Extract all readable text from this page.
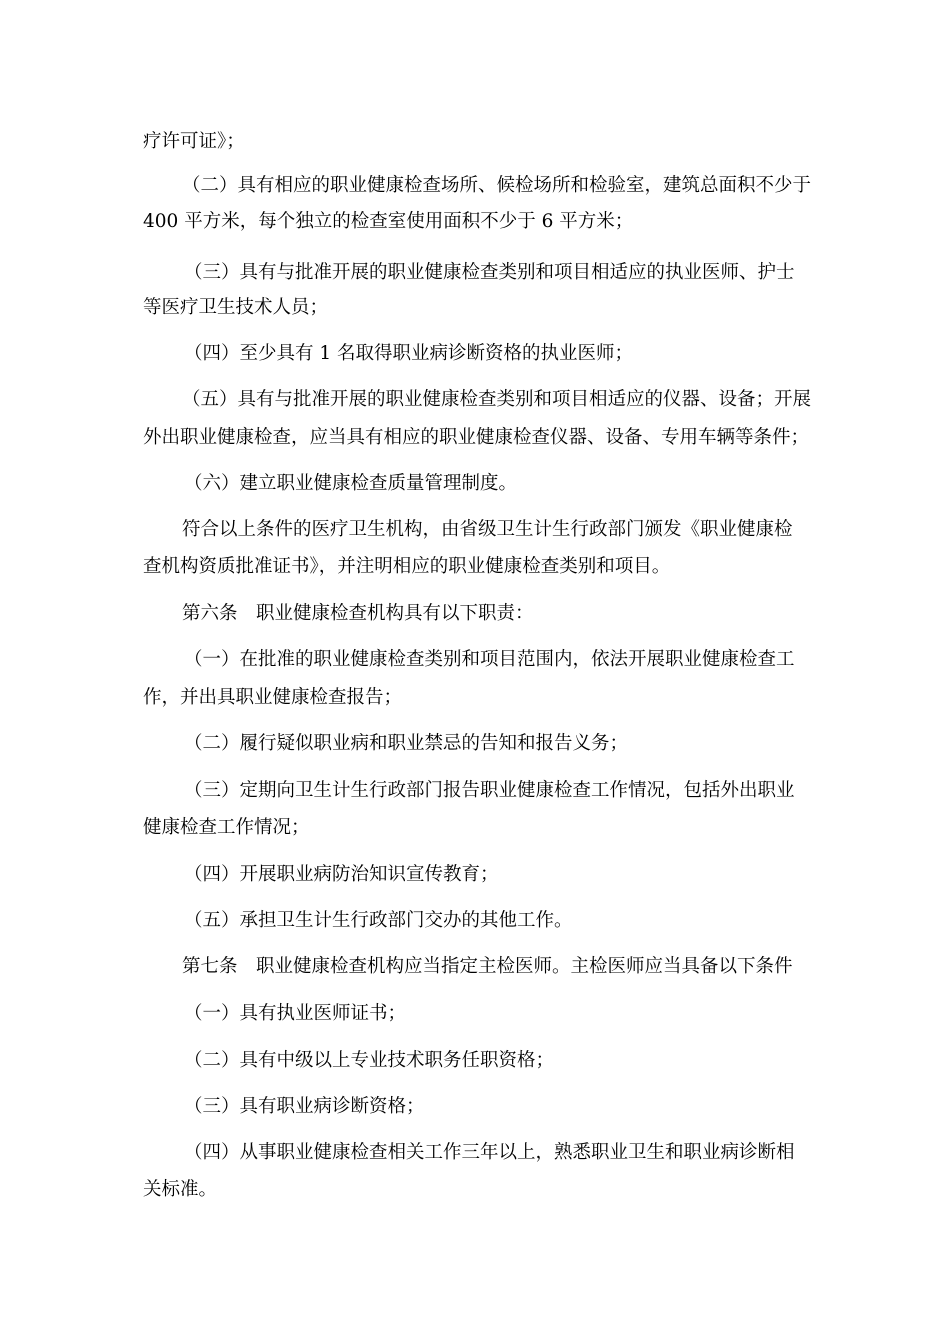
疗许可证》；
（二）具有相应的职业健康检查场所、候检场所和检验室，建筑总面积不少于
400 平方米，每个独立的检查室使用面积不少于 6 平方米；
（三）具有与批准开展的职业健康检查类别和项目相适应的执业医师、护士
等医疗卫生技术人员；
（四）至少具有 1 名取得职业病诊断资格的执业医师；
（五）具有与批准开展的职业健康检查类别和项目相适应的仪器、设备；开展
外出职业健康检查，应当具有相应的职业健康检查仪器、设备、专用车辆等条件；
（六）建立职业健康检查质量管理制度。
符合以上条件的医疗卫生机构，由省级卫生计生行政部门颁发《职业健康检
查机构资质批准证书》，并注明相应的职业健康检查类别和项目。
第六条　职业健康检查机构具有以下职责：
（一）在批准的职业健康检查类别和项目范围内，依法开展职业健康检查工
作，并出具职业健康检查报告；
（二）履行疑似职业病和职业禁忌的告知和报告义务；
（三）定期向卫生计生行政部门报告职业健康检查工作情况，包括外出职业
健康检查工作情况；
（四）开展职业病防治知识宣传教育；
（五）承担卫生计生行政部门交办的其他工作。
第七条　职业健康检查机构应当指定主检医师。主检医师应当具备以下条件
（一）具有执业医师证书；
（二）具有中级以上专业技术职务任职资格；
（三）具有职业病诊断资格；
（四）从事职业健康检查相关工作三年以上，熟悉职业卫生和职业病诊断相
关标准。
